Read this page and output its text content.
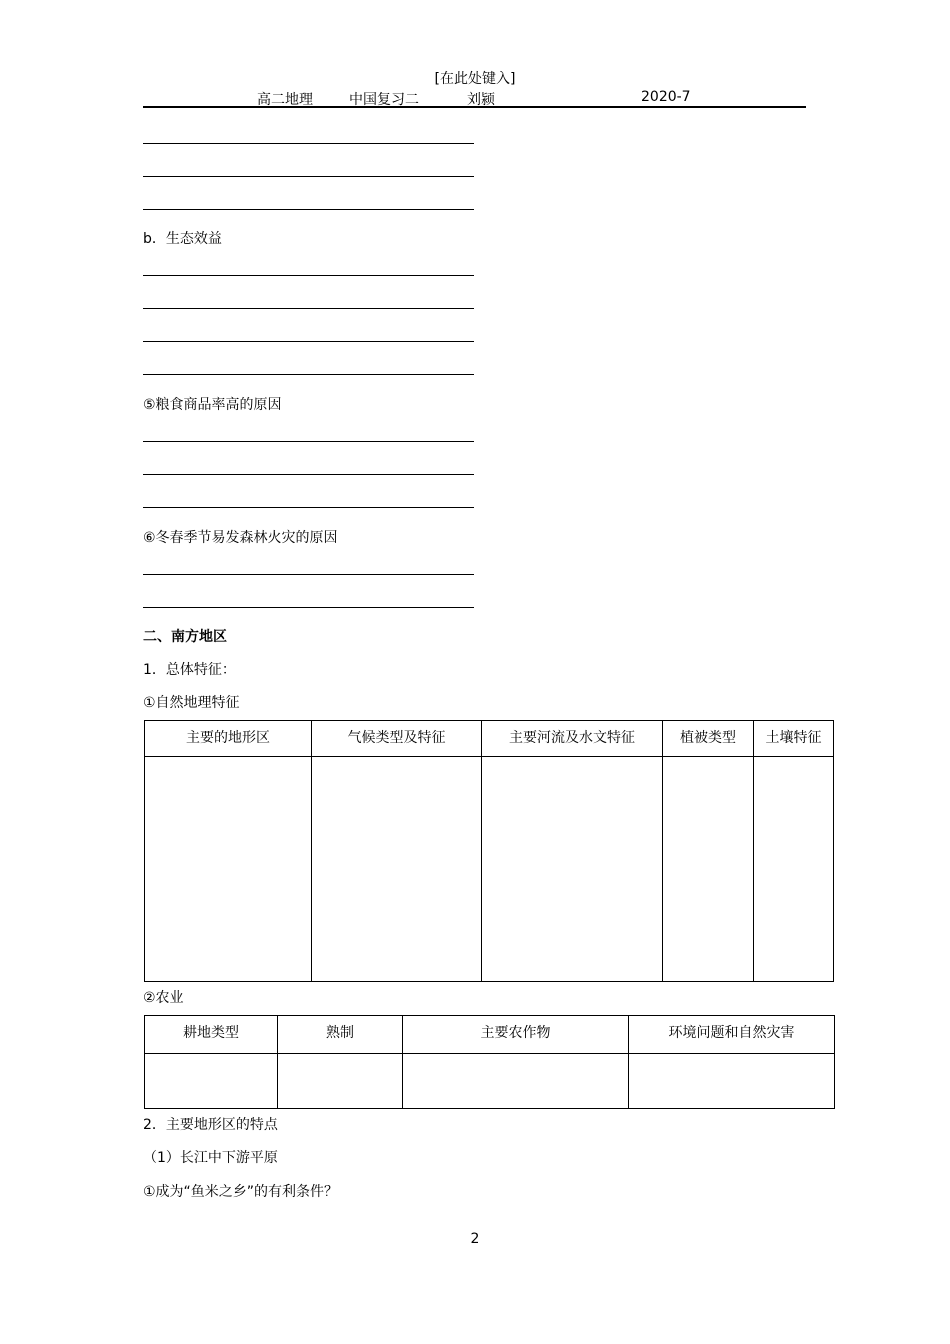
[在此处键入]
高二地理	中国复习二	刘颍	2020-7
b．生态效益
⑤粮食商品率高的原因
⑥冬春季节易发森林火灾的原因
二、南方地区
1．总体特征：
①自然地理特征
主要的地形区	气候类型及特征	主要河流及水文特征	植被类型	土壤特征

②农业
耕地类型	熟制	主要农作物	环境问题和自然灾害

2．主要地形区的特点
（1）长江中下游平原
①成为“鱼米之乡”的有利条件？
2
